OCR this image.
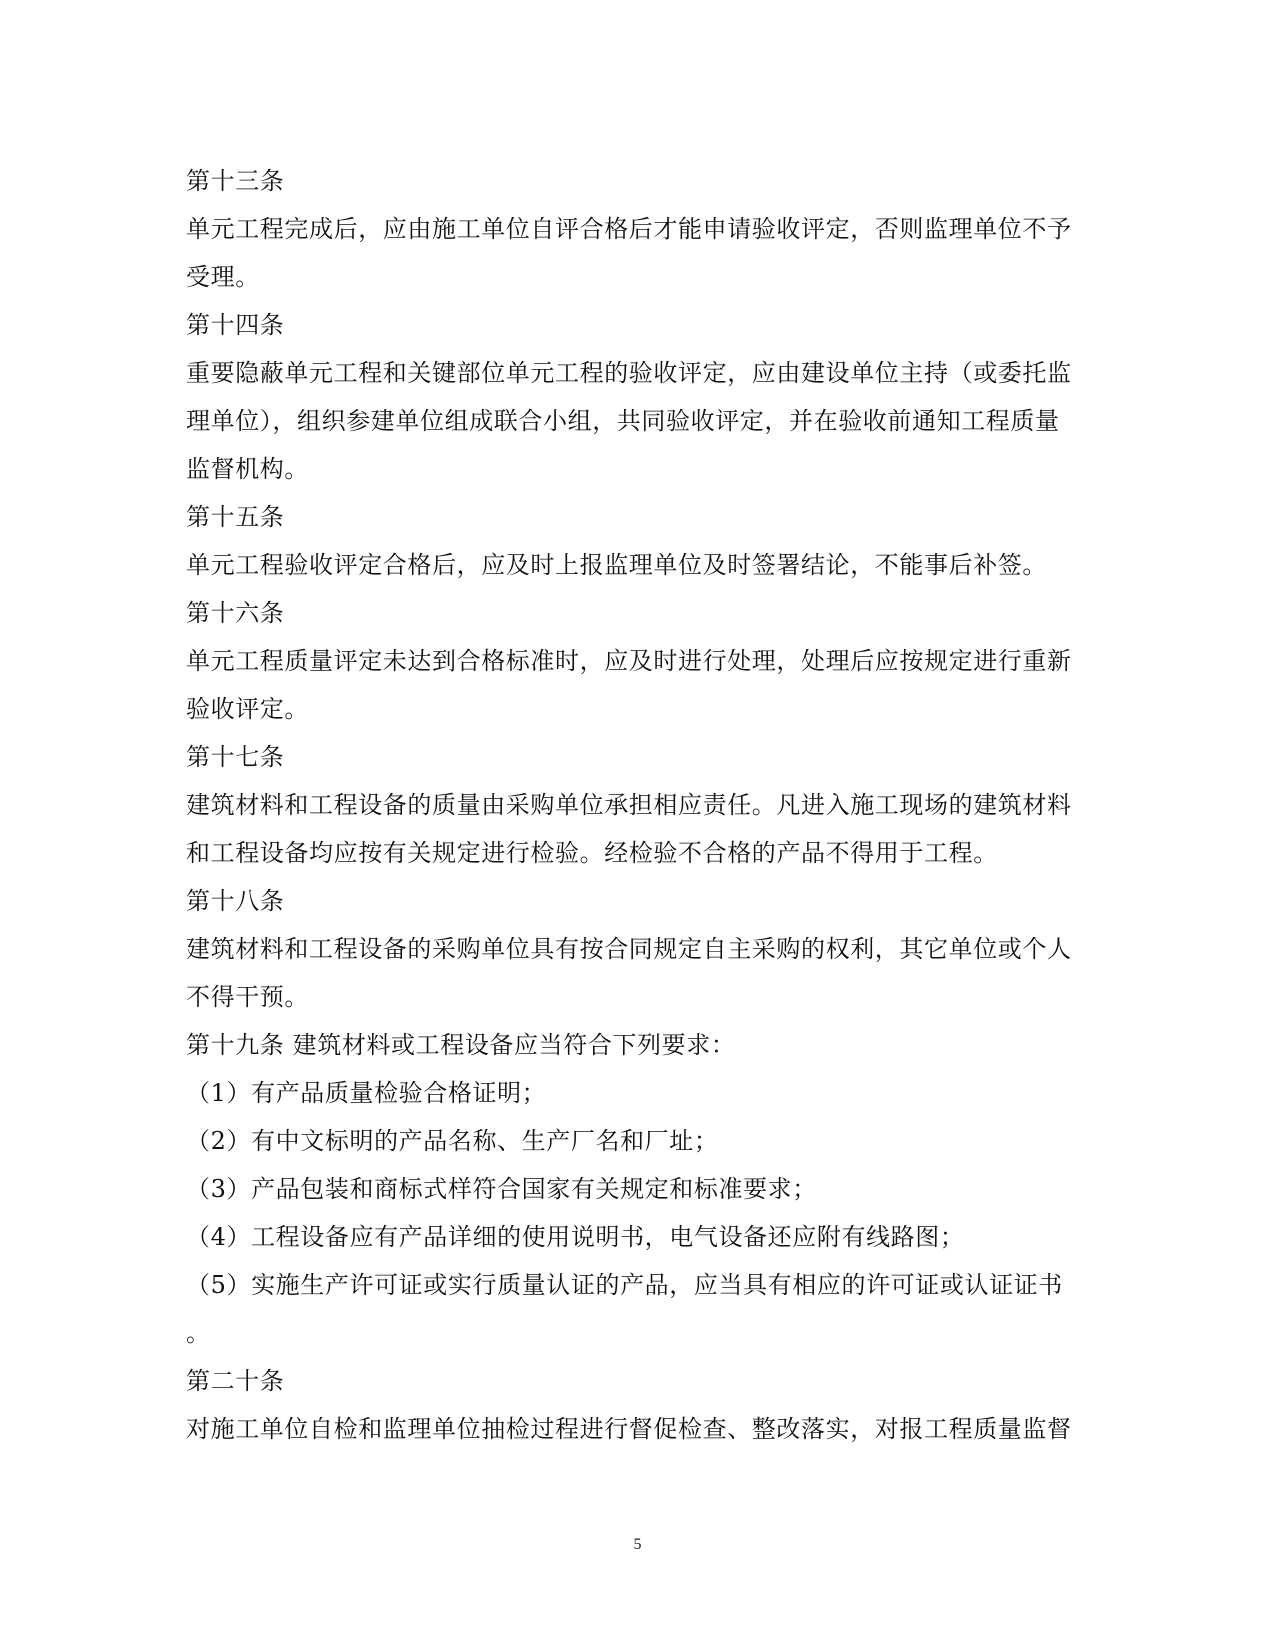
第十三条
单元工程完成后，应由施工单位自评合格后才能申请验收评定，否则监理单位不予
受理。
第十四条
重要隐蔽单元工程和关键部位单元工程的验收评定，应由建设单位主持（或委托监
理单位），组织参建单位组成联合小组，共同验收评定，并在验收前通知工程质量
监督机构。
第十五条
单元工程验收评定合格后，应及时上报监理单位及时签署结论，不能事后补签。
第十六条
单元工程质量评定未达到合格标准时，应及时进行处理，处理后应按规定进行重新
验收评定。
第十七条
建筑材料和工程设备的质量由采购单位承担相应责任。凡进入施工现场的建筑材料
和工程设备均应按有关规定进行检验。经检验不合格的产品不得用于工程。
第十八条
建筑材料和工程设备的采购单位具有按合同规定自主采购的权利，其它单位或个人
不得干预。
第十九条 建筑材料或工程设备应当符合下列要求：
（1）有产品质量检验合格证明；
（2）有中文标明的产品名称、生产厂名和厂址；
（3）产品包装和商标式样符合国家有关规定和标准要求；
（4）工程设备应有产品详细的使用说明书，电气设备还应附有线路图；
（5）实施生产许可证或实行质量认证的产品，应当具有相应的许可证或认证证书
。
第二十条
对施工单位自检和监理单位抽检过程进行督促检查、整改落实，对报工程质量监督
5
